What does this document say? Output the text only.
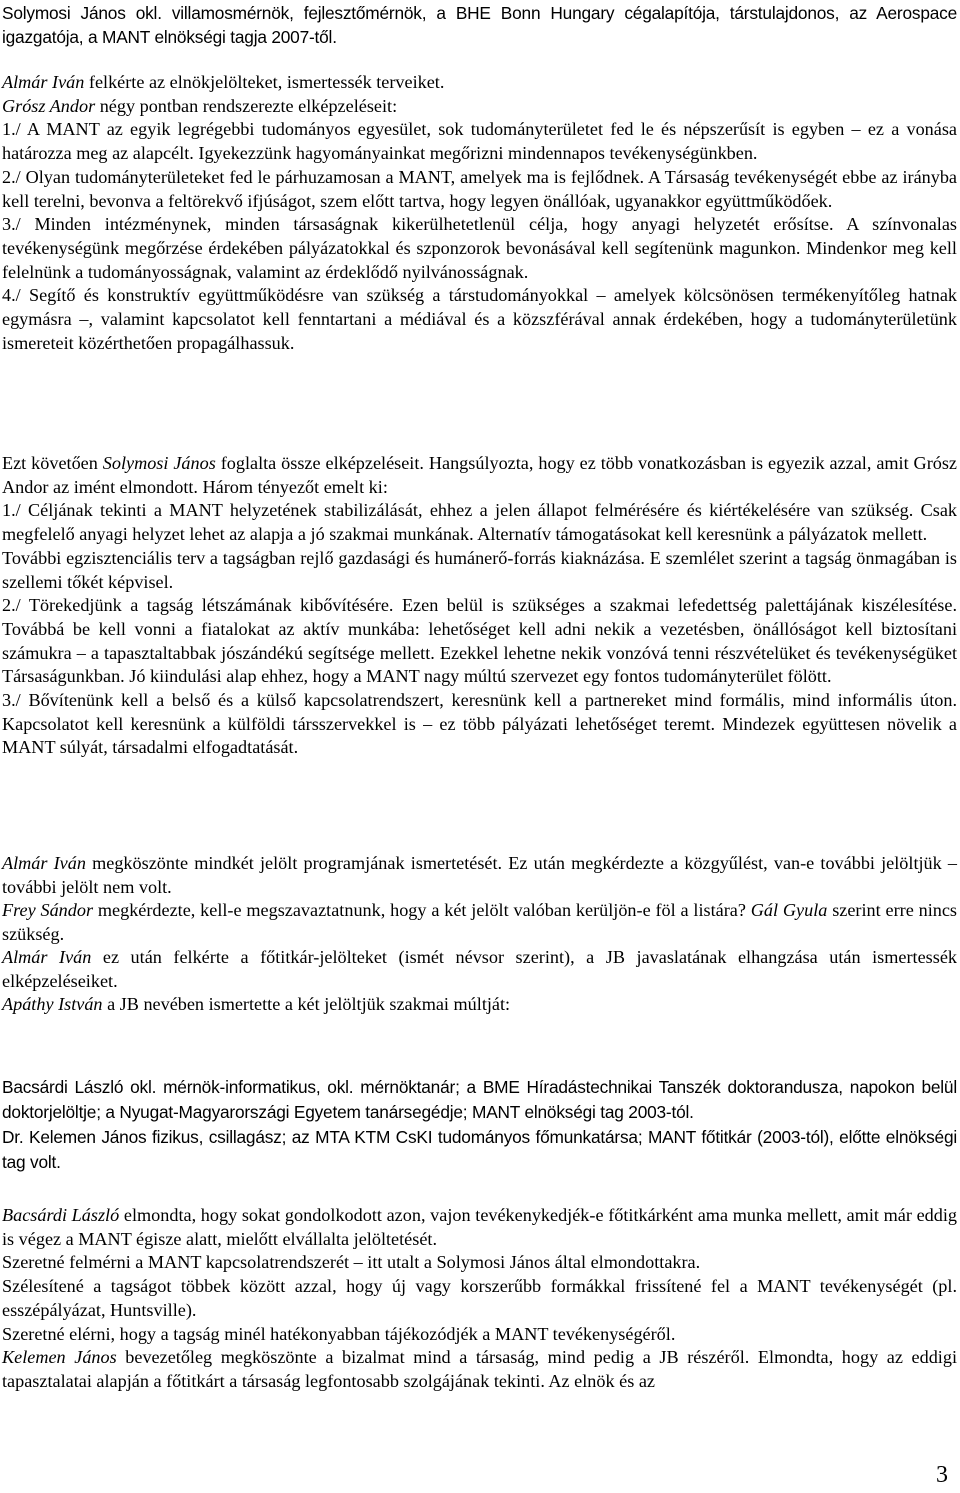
Solymosi János okl. villamosmérnök, fejlesztőmérnök, a BHE Bonn Hungary cégalapítója, társtulajdonos, az Aerospace igazgatója, a MANT elnökségi tagja 2007-től.

Almár Iván felkérte az elnökjelölteket, ismertessék terveiket.

Grósz Andor négy pontban rendszerezte elképzeléseit:

1./ A MANT az egyik legrégebbi tudományos egyesület, sok tudományterületet fed le és népszerűsít is egyben – ez a vonása határozza meg az alapcélt. Igyekezzünk hagyományainkat megőrizni mindennapos tevékenységünkben.

2./ Olyan tudományterületeket fed le párhuzamosan a MANT, amelyek ma is fejlődnek. A Társaság tevékenységét ebbe az irányba kell terelni, bevonva a feltörekvő ifjúságot, szem előtt tartva, hogy legyen önállóak, ugyanakkor együttműködőek.

3./ Minden intézménynek, minden társaságnak kikerülhetetlenül célja, hogy anyagi helyzetét erősítse. A színvonalas tevékenységünk megőrzése érdekében pályázatokkal és szponzorok bevonásával kell segítenünk magunkon. Mindenkor meg kell felelnünk a tudományosságnak, valamint az érdeklődő nyilvánosságnak.

4./ Segítő és konstruktív együttműködésre van szükség a társtudományokkal – amelyek kölcsönösen termékenyítőleg hatnak egymásra –, valamint kapcsolatot kell fenntartani a médiával és a közszférával annak érdekében, hogy a tudományterületünk ismereteit közérthetően propagálhassuk.

Ezt követően Solymosi János foglalta össze elképzeléseit. Hangsúlyozta, hogy ez több vonatkozásban is egyezik azzal, amit Grósz Andor az imént elmondott. Három tényezőt emelt ki:

1./ Céljának tekinti a MANT helyzetének stabilizálását, ehhez a jelen állapot felmérésére és kiértékelésére van szükség. Csak megfelelő anyagi helyzet lehet az alapja a jó szakmai munkának. Alternatív támogatásokat kell keresnünk a pályázatok mellett.

További egzisztenciális terv a tagságban rejlő gazdasági és humánerő-forrás kiaknázása. E szemlélet szerint a tagság önmagában is szellemi tőkét képvisel.

2./ Törekedjünk a tagság létszámának kibővítésére. Ezen belül is szükséges a szakmai lefedettség palettájának kiszélesítése. Továbbá be kell vonni a fiatalokat az aktív munkába: lehetőséget kell adni nekik a vezetésben, önállóságot kell biztosítani számukra – a tapasztaltabbak jószándékú segítsége mellett. Ezekkel lehetne nekik vonzóvá tenni részvételüket és tevékenységüket Társaságunkban. Jó kiindulási alap ehhez, hogy a MANT nagy múltú szervezet egy fontos tudományterület fölött.

3./ Bővítenünk kell a belső és a külső kapcsolatrendszert, keresnünk kell a partnereket mind formális, mind informális úton. Kapcsolatot kell keresnünk a külföldi társszervekkel is – ez több pályázati lehetőséget teremt. Mindezek együttesen növelik a MANT súlyát, társadalmi elfogadtatását.

Almár Iván megköszönte mindkét jelölt programjának ismertetését. Ez után megkérdezte a közgyűlést, van-e további jelöltjük – további jelölt nem volt.

Frey Sándor megkérdezte, kell-e megszavaztatnunk, hogy a két jelölt valóban kerüljön-e föl a listára? Gál Gyula szerint erre nincs szükség.

Almár Iván ez után felkérte a főtitkár-jelölteket (ismét névsor szerint), a JB javaslatának elhangzása után ismertessék elképzeléseiket.

Apáthy István a JB nevében ismertette a két jelöltjük szakmai múltját:

Bacsárdi László okl. mérnök-informatikus, okl. mérnöktanár; a BME Híradástechnikai Tanszék doktorandusza, napokon belül doktorjelöltje; a Nyugat-Magyarországi Egyetem tanársegédje; MANT elnökségi tag 2003-tól.

Dr. Kelemen János fizikus, csillagász; az MTA KTM CsKI tudományos főmunkatársa; MANT főtitkár (2003-tól), előtte elnökségi tag volt.

Bacsárdi László elmondta, hogy sokat gondolkodott azon, vajon tevékenykedjék-e főtitkárként ama munka mellett, amit már eddig is végez a MANT égisze alatt, mielőtt elvállalta jelöltetését.

Szeretné felmérni a MANT kapcsolatrendszerét – itt utalt a Solymosi János által elmondottakra.

Szélesítené a tagságot többek között azzal, hogy új vagy korszerűbb formákkal frissítené fel a MANT tevékenységét (pl. esszépályázat, Huntsville).

Szeretné elérni, hogy a tagság minél hatékonyabban tájékozódjék a MANT tevékenységéről.

Kelemen János bevezetőleg megköszönte a bizalmat mind a társaság, mind pedig a JB részéről. Elmondta, hogy az eddigi tapasztalatai alapján a főtitkárt a társaság legfontosabb szolgájának tekinti. Az elnök és az

3
